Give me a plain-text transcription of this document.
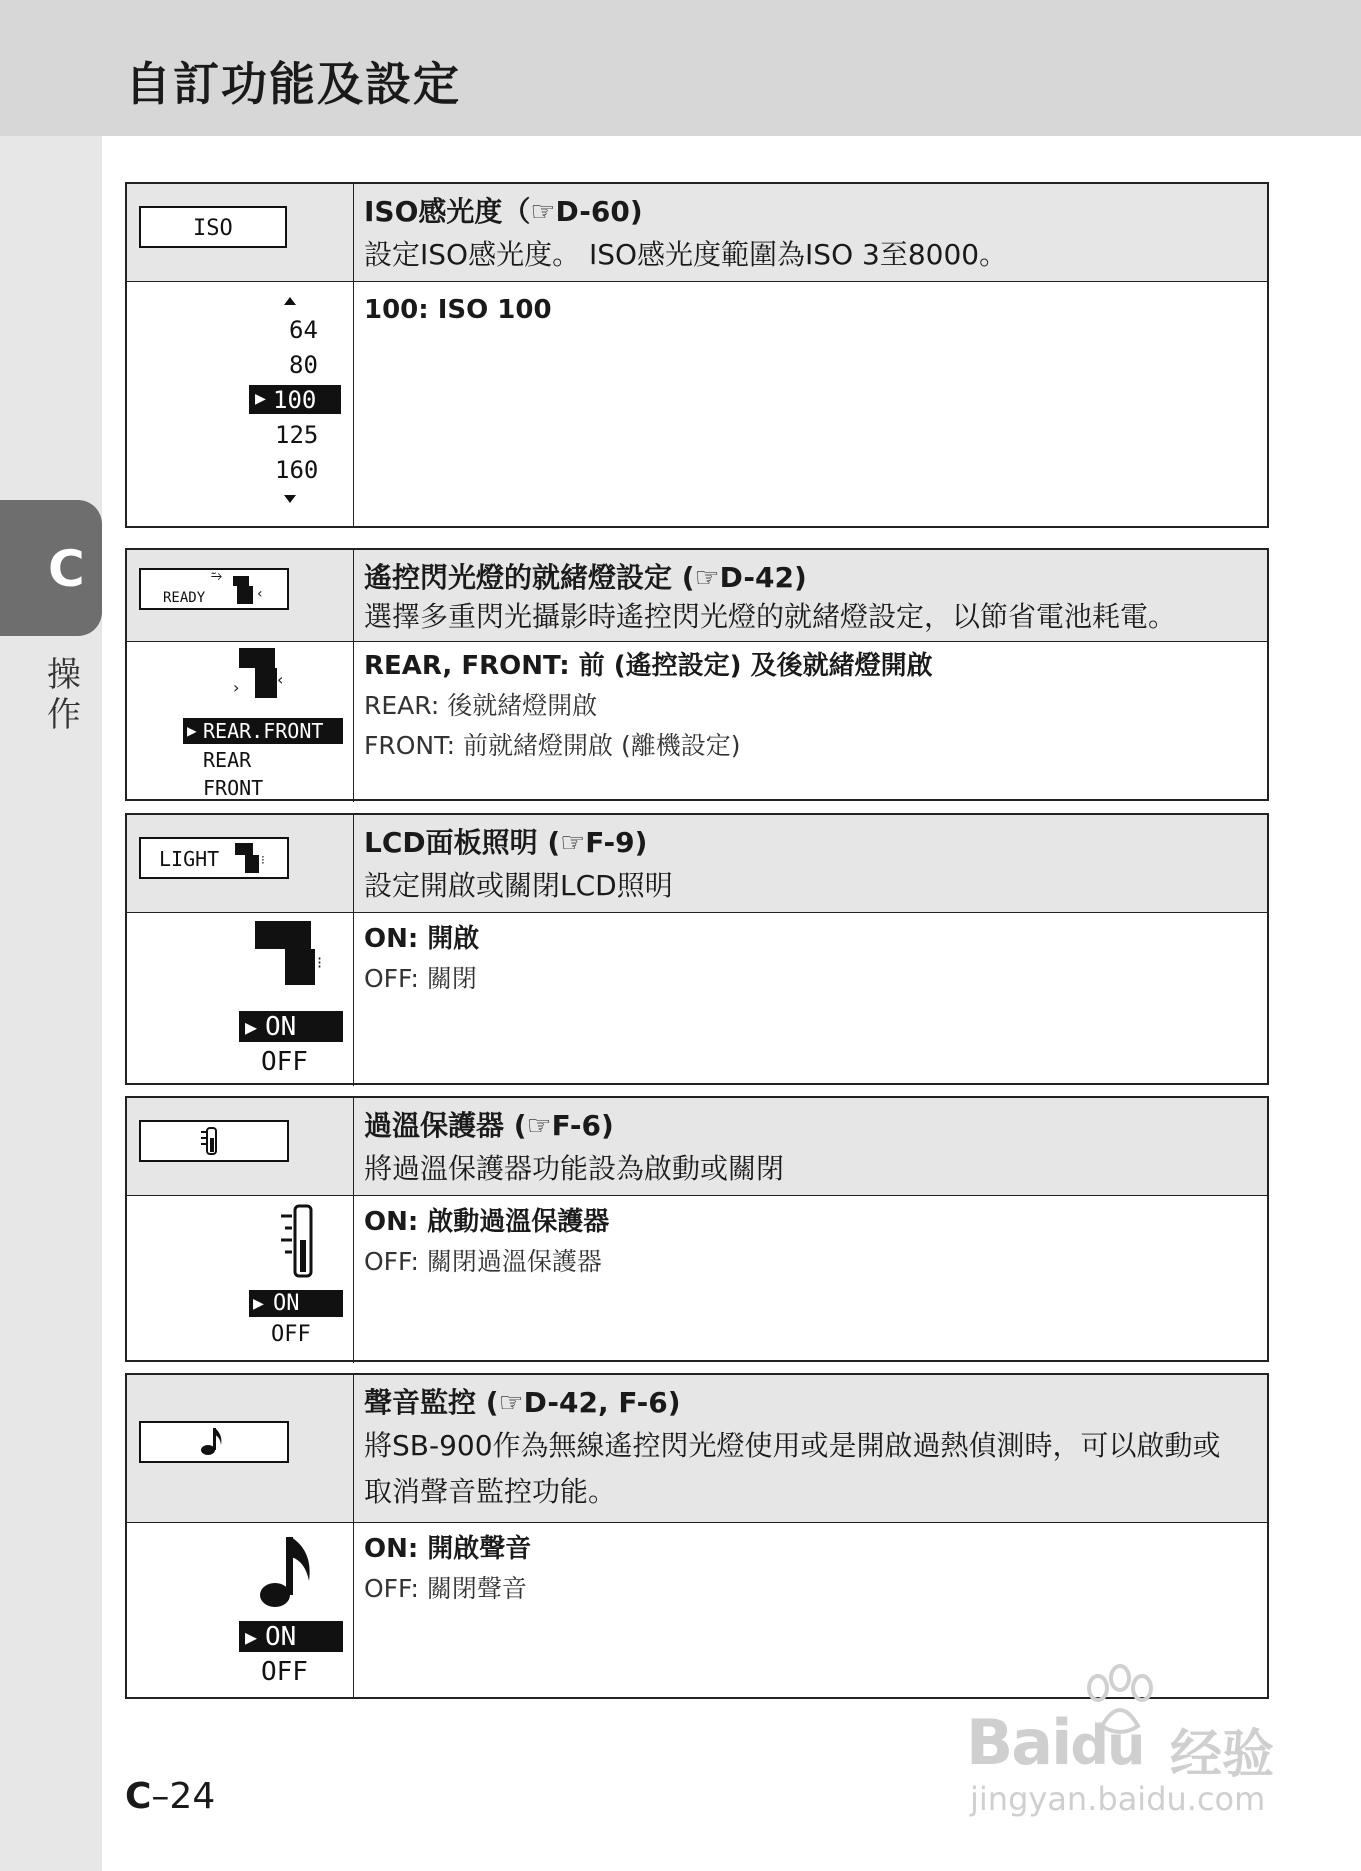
自訂功能及設定
C
操作
C–24
ISO
ISO感光度（☞D-60)
設定ISO感光度。 ISO感光度範圍為ISO 3至8000。
64
80
▶ 100
125
160
100: ISO 100
READY
⥲
‹	遙控閃光燈的就緒燈設定 (☞D-42)
選擇多重閃光攝影時遙控閃光燈的就緒燈設定，以節省電池耗電。
› ‹
▶ REAR.FRONT
REAR
FRONT
REAR, FRONT: 前 (遙控設定) 及後就緒燈開啟
REAR: 後就緒燈開啟
FRONT: 前就緒燈開啟 (離機設定)
LIGHT	⁝
LCD面板照明 (☞F-9)
設定開啟或關閉LCD照明
⁝
▶ ON
OFF
ON: 開啟
OFF: 關閉
過溫保護器 (☞F-6)
將過溫保護器功能設為啟動或關閉
▶ ON
OFF
ON: 啟動過溫保護器
OFF: 關閉過溫保護器
聲音監控 (☞D-42, F-6)
將SB-900作為無線遙控閃光燈使用或是開啟過熱偵測時，可以啟動或取消聲音監控功能。
▶ ON
OFF
ON: 開啟聲音
OFF: 關閉聲音
Baidu 经验
jingyan.baidu.com
